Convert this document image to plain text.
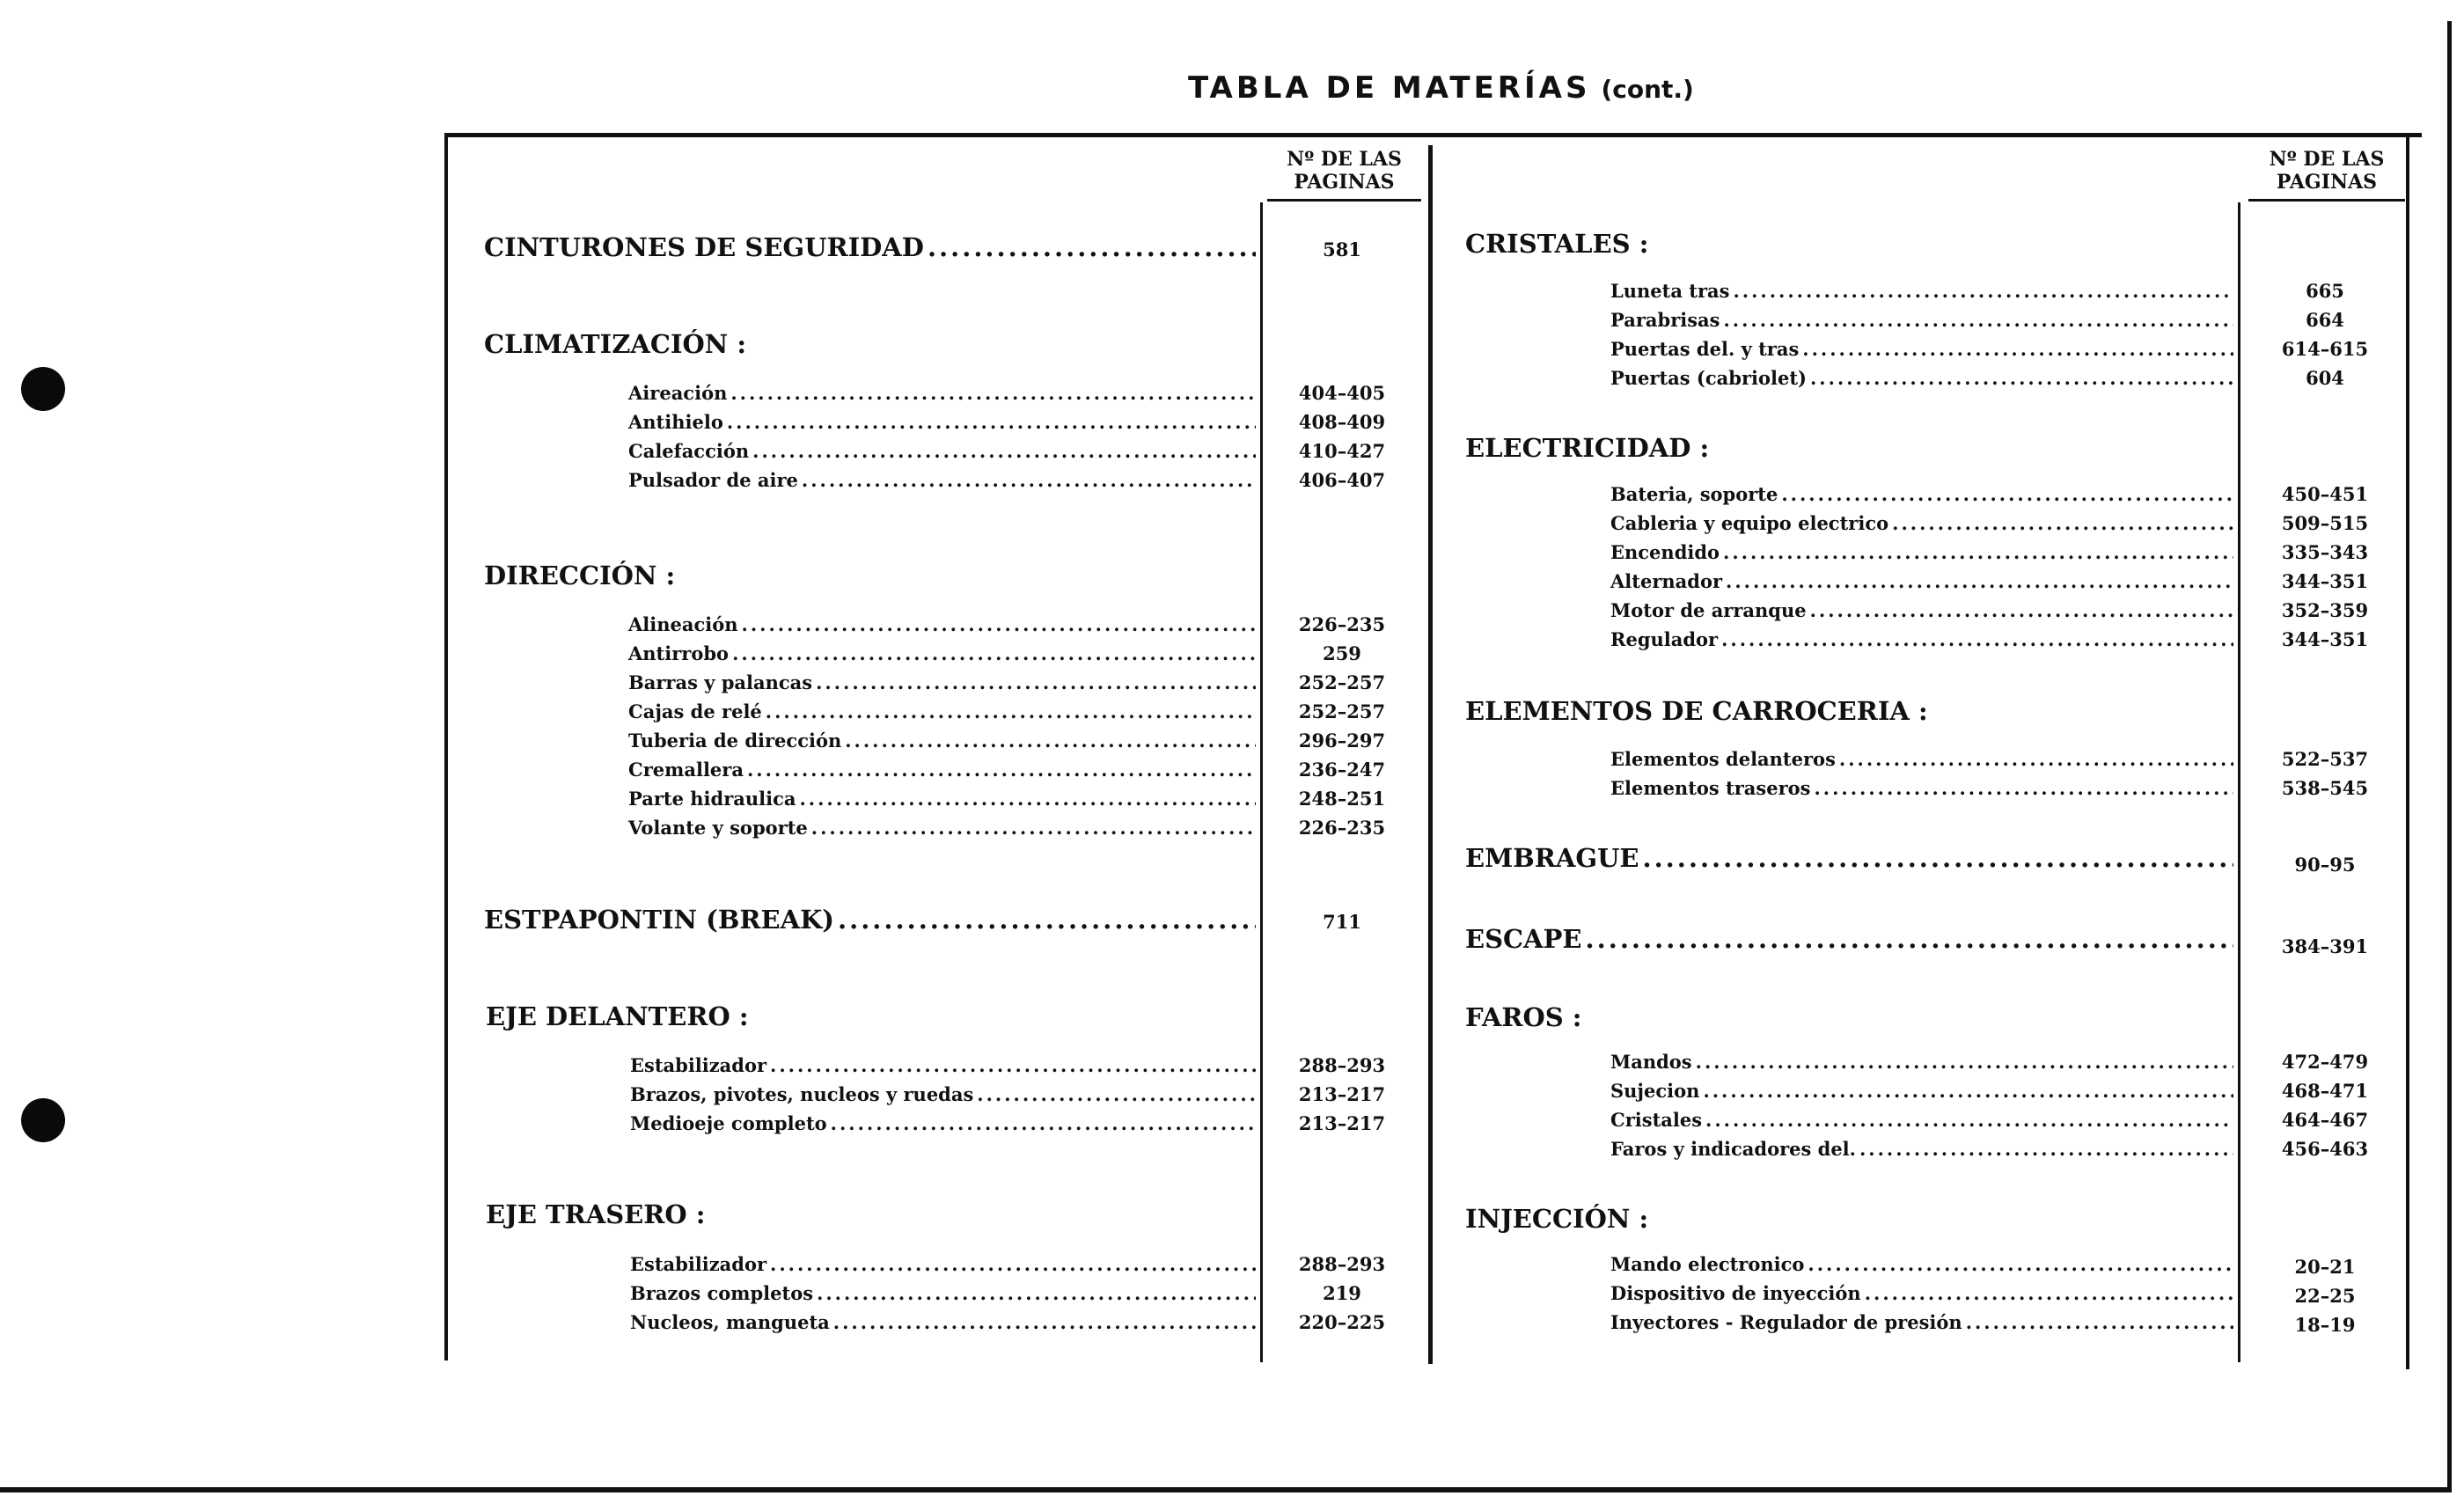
TABLA DE MATERÍAS (cont.)
Nº DE LAS PAGINAS
Nº DE LAS PAGINAS
CINTURONES DE SEGURIDAD .....	581
CLIMATIZACIÓN :
Aireación .....	404–405
Antihielo .....	408–409
Calefacción .....	410–427
Pulsador de aire .....	406–407
DIRECCIÓN :
Alineación .....	226–235
Antirrobo .....	259
Barras y palancas .....	252–257
Cajas de relé .....	252–257
Tuberia de dirección .....	296–297
Cremallera .....	236–247
Parte hidraulica .....	248–251
Volante y soporte .....	226–235
ESTPAPONTIN (BREAK) .....	711
EJE DELANTERO :
Estabilizador .....	288–293
Brazos, pivotes, nucleos y ruedas .....	213–217
Medioeje completo .....	213–217
EJE TRASERO :
Estabilizador .....	288–293
Brazos completos .....	219
Nucleos, mangueta .....	220–225
CRISTALES :
Luneta tras .....	665
Parabrisas .....	664
Puertas del. y tras .....	614–615
Puertas (cabriolet) .....	604
ELECTRICIDAD :
Bateria, soporte .....	450–451
Cableria y equipo electrico .....	509–515
Encendido .....	335–343
Alternador .....	344–351
Motor de arranque .....	352–359
Regulador .....	344–351
ELEMENTOS DE CARROCERIA :
Elementos delanteros .....	522–537
Elementos traseros .....	538–545
EMBRAGUE .....	90–95
ESCAPE .....	384–391
FAROS :
Mandos .....	472–479
Sujecion .....	468–471
Cristales .....	464–467
Faros y indicadores del. .....	456–463
INJECCIÓN :
Mando electronico .....	20–21
Dispositivo de inyección .....	22–25
Inyectores - Regulador de presión .....	18–19
